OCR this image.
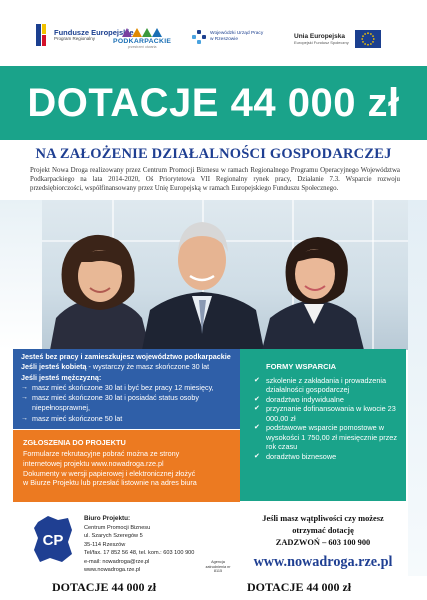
Fundusze Europejskie
Program Regionalny	PODKARPACKIE
przestrzeń otwarta
Wojewódzki Urząd Pracy
w Rzeszowie	Unia Europejska
Europejski Fundusz Społeczny
DOTACJE 44 000 zł
NA ZAŁOŻENIE DZIAŁALNOŚCI GOSPODARCZEJ
Projekt Nowa Droga realizowany przez Centrum Promocji Biznesu w ramach Regionalnego Programu Operacyjnego Województwa Podkarpackiego na lata 2014-2020, Oś Priorytetowa VII Regionalny rynek pracy, Działanie 7.3. Wsparcie rozwoju przedsiębiorczości, współfinansowany przez Unię Europejską w ramach Europejskiego Funduszu Społecznego.
Jesteś bez pracy i zamieszkujesz województwo podkarpackie
Jeśli jesteś kobietą - wystarczy że masz skończone 30 lat
Jeśli jesteś mężczyzną:
→ masz mieć skończone 30 lat i być bez pracy 12 miesięcy,
→ masz mieć skończone 30 lat i posiadać status osoby niepełnosprawnej,
→ masz mieć skończone 50 lat
ZGŁOSZENIA DO PROJEKTU
Formularze rekrutacyjne pobrać można ze strony
internetowej projektu www.nowadroga.rze.pl
Dokumenty w wersji papierowej i elektronicznej złożyć
w Biurze Projektu lub przesłać listownie na adres biura
FORMY WSPARCIA
✔ szkolenie z zakładania i prowadzenia działalności gospodarczej
✔ doradztwo indywidualne
✔ przyznanie dofinansowania w kwocie 23 000,00 zł
✔ podstawowe wsparcie pomostowe w wysokości 1 750,00 zł miesięcznie przez rok czasu
✔ doradztwo biznesowe
CP
Biuro Projektu:
Centrum Promocji Biznesu
ul. Szarych Szeregów 5
35-114 Rzeszów
Tel/fax. 17 852 56 48, tel. kom.: 603 100 900
e-mail: nowadroga@rze.pl
www.nowadroga.rze.pl
Agencja zatrudnienia nr 8115
Jeśli masz wątpliwości czy możesz
otrzymać dotację
ZADZWOŃ – 603 100 900
www.nowadroga.rze.pl
DOTACJE 44 000 zł	DOTACJE 44 000 zł
